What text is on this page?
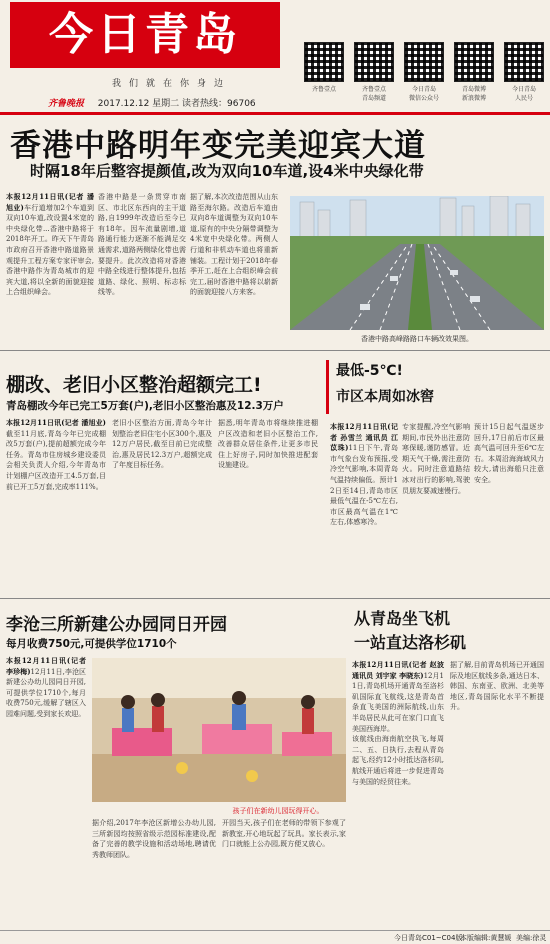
今日青岛
我们就在你身边
齐鲁晚报 2017.12.12 星期二 读者热线：96706
齐鲁壹点	齐鲁壹点
青岛频道
今日青岛
微信公众号
青岛微博
新浪微博
今日青岛
人民号
香港中路明年变完美迎宾大道
时隔18年后整容提颜值,改为双向10车道,设4米中央绿化带
本报12月11日讯(记者 潘旭业)车行道增加2个车道到双向10车道,改设置4米宽的中央绿化带...香港中路将于2018年开工。昨天下午青岛市政府召开香港中路道路景观提升工程方案专家评审会,香港中路作为青岛城市的迎宾大道,将以全新的面貌迎接上合组织峰会。
香港中路是一条贯穿市南区、市北区东西向的主干道路,自1999年改造后至今已有18年。因车流量剧增,道路通行能力逐渐不能满足交通需求,道路两侧绿化带也需要提升。此次改造将对香港中路全线进行整体提升,包括道路、绿化、照明、标志标线等。
据了解,本次改造范围从山东路至海尔路。改造后车道由双向8车道调整为双向10车道,原有的中央分隔带调整为4米宽中央绿化带。两侧人行道和非机动车道也将重新铺装。工程计划于2018年春季开工,赶在上合组织峰会前完工,届时香港中路将以崭新的面貌迎接八方来客。
香港中路高峰路路口车辆改效果图。
棚改、老旧小区整治超额完工!
青岛棚改今年已完工5万套(户),老旧小区整治惠及12.3万户
本报12月11日讯(记者 潘旭业)截至11月底,青岛今年已完成棚改5万套(户),提前超额完成今年任务。青岛市住房城乡建设委员会相关负责人介绍,今年青岛市计划棚户区改造开工4.5万套,目前已开工5万套,完成率111%。
老旧小区整治方面,青岛今年计划整治老旧住宅小区300个,惠及12万户居民,截至目前已完成整治,惠及居民12.3万户,超额完成了年度目标任务。
据悉,明年青岛市将继续推进棚户区改造和老旧小区整治工作,改善群众居住条件,让更多市民住上好房子,同时加快推进配套设施建设。
最低-5℃!
市区本周如冰窖
本报12月11日讯(记者 孙雪兰 通讯员 江苡珠)11日下午,青岛市气象台发布预报,受冷空气影响,本周青岛气温持续偏低。预计12日至14日,青岛市区最低气温在-5℃左右,市区最高气温在1℃左右,体感寒冷。
专家提醒,冷空气影响期间,市民外出注意防寒保暖,谨防感冒。近期天气干燥,需注意防火。同时注意道路结冰对出行的影响,驾驶员朋友要减速慢行。
预计15日起气温逐步回升,17日前后市区最高气温可回升至6℃左右。本周沿海海域风力较大,请出海船只注意安全。
李沧三所新建公办园同日开园
每月收费750元,可提供学位1710个
本报12月11日讯(记者 李珍梅)12月11日,李沧区新建公办幼儿园同日开园,可提供学位1710个,每月收费750元,缓解了辖区入园难问题,受到家长欢迎。
孩子们在新幼儿园玩得开心。
据介绍,2017年李沧区新增公办幼儿园,三所新园均按照省级示范园标准建设,配备了完善的教学设施和活动场地,聘请优秀教师团队。
开园当天,孩子们在老师的带领下参观了新教室,开心地玩起了玩具。家长表示,家门口就能上公办园,既方便又放心。
从青岛坐飞机
一站直达洛杉矶
本报12月11日讯(记者 赵波 通讯员 刘宇家 李晓东)12月11日,青岛机场开通青岛至洛杉矶国际直飞航线,这是青岛首条直飞美国的洲际航线,山东半岛居民从此可在家门口直飞美国西海岸。
该航线由海南航空执飞,每周二、五、日执行,去程从青岛起飞,经约12小时抵达洛杉矶,航线开通后将进一步促进青岛与美国的经贸往来。
据了解,目前青岛机场已开通国际及地区航线多条,通达日本、韩国、东南亚、欧洲、北美等地区,青岛国际化水平不断提升。
今日青岛C01~C04版
本版编辑:黄慧媛 美编:徐灵
